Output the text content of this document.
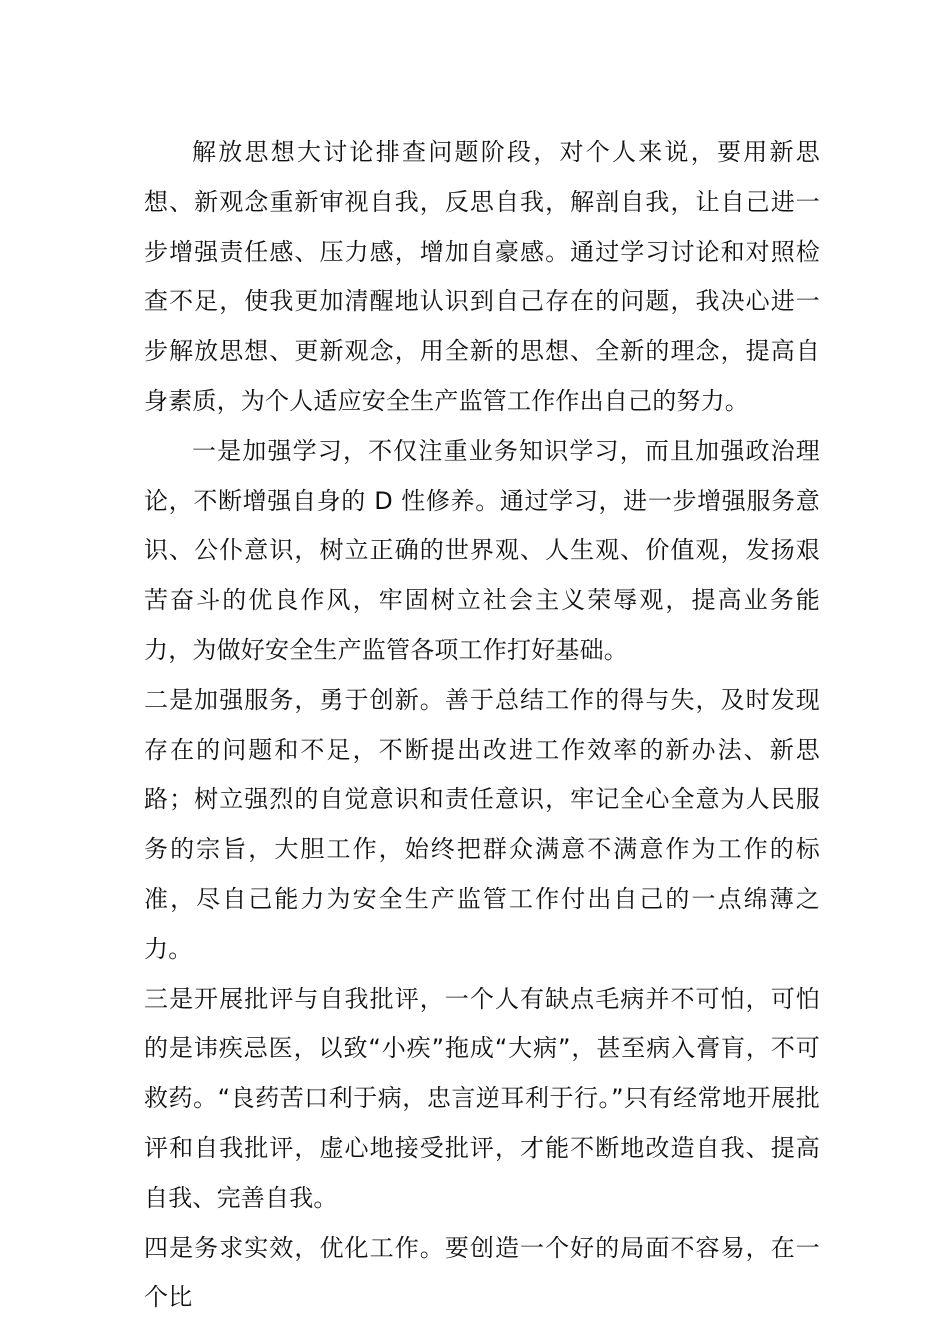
解放思想大讨论排查问题阶段，对个人来说，要用新思想、新观念重新审视自我，反思自我，解剖自我，让自己进一步增强责任感、压力感，增加自豪感。通过学习讨论和对照检查不足，使我更加清醒地认识到自己存在的问题，我决心进一步解放思想、更新观念，用全新的思想、全新的理念，提高自身素质，为个人适应安全生产监管工作作出自己的努力。

一是加强学习，不仅注重业务知识学习，而且加强政治理论，不断增强自身的 D 性修养。通过学习，进一步增强服务意识、公仆意识，树立正确的世界观、人生观、价值观，发扬艰苦奋斗的优良作风，牢固树立社会主义荣辱观，提高业务能力，为做好安全生产监管各项工作打好基础。

二是加强服务，勇于创新。善于总结工作的得与失，及时发现存在的问题和不足，不断提出改进工作效率的新办法、新思路；树立强烈的自觉意识和责任意识，牢记全心全意为人民服务的宗旨，大胆工作，始终把群众满意不满意作为工作的标准，尽自己能力为安全生产监管工作付出自己的一点绵薄之力。

三是开展批评与自我批评，一个人有缺点毛病并不可怕，可怕的是讳疾忌医，以致“小疾”拖成“大病”，甚至病入膏肓，不可救药。“良药苦口利于病，忠言逆耳利于行。”只有经常地开展批评和自我批评，虚心地接受批评，才能不断地改造自我、提高自我、完善自我。

四是务求实效，优化工作。要创造一个好的局面不容易，在一个比
